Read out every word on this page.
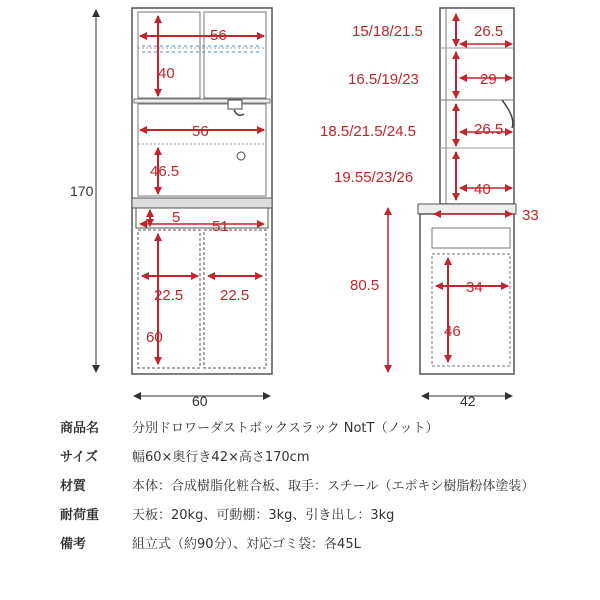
56
40
56
46.5
5
51
22.5 22.5
60
170
60
15/18/21.5	26.5
16.5/19/23	29
18.5/21.5/24.5	26.5
19.55/23/26
40
33
34
46
80.5
42
商品名	分別ドロワーダストボックスラック NotT（ノット）
サイズ	幅60×奥行き42×高さ170cm
材質	本体：合成樹脂化粧合板、取手：スチール（エポキシ樹脂粉体塗装）
耐荷重	天板：20kg、可動棚：3kg、引き出し：3kg
備考	組立式（約90分）、対応ゴミ袋：各45L
